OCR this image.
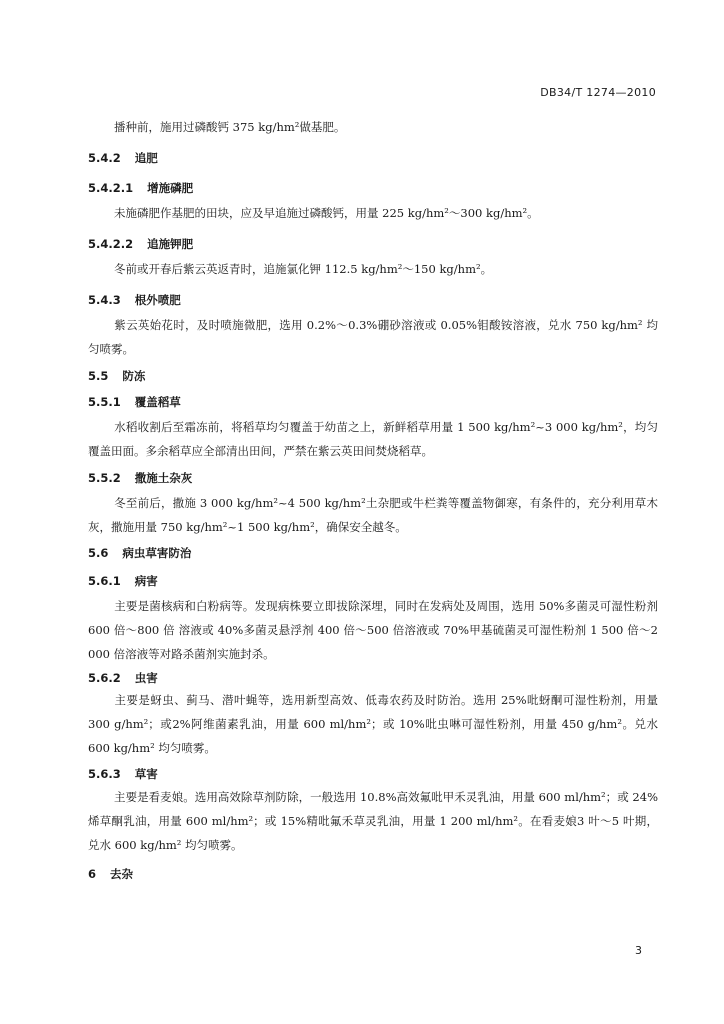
DB34/T 1274—2010
播种前，施用过磷酸钙 375 kg/hm²做基肥。
5.4.2 追肥
5.4.2.1 增施磷肥
未施磷肥作基肥的田块，应及早追施过磷酸钙，用量 225 kg/hm²～300 kg/hm²。
5.4.2.2 追施钾肥
冬前或开春后紫云英返青时，追施氯化钾 112.5 kg/hm²～150 kg/hm²。
5.4.3 根外喷肥
紫云英始花时，及时喷施微肥，选用 0.2%～0.3%硼砂溶液或 0.05%钼酸铵溶液，兑水 750 kg/hm² 均匀喷雾。
5.5 防冻
5.5.1 覆盖稻草
水稻收割后至霜冻前，将稻草均匀覆盖于幼苗之上，新鲜稻草用量 1 500 kg/hm²~3 000 kg/hm²，均匀覆盖田面。多余稻草应全部清出田间，严禁在紫云英田间焚烧稻草。
5.5.2 撒施土杂灰
冬至前后，撒施 3 000 kg/hm²~4 500 kg/hm²土杂肥或牛栏粪等覆盖物御寒，有条件的，充分利用草木灰，撒施用量 750 kg/hm²~1 500 kg/hm²，确保安全越冬。
5.6 病虫草害防治
5.6.1 病害
主要是菌核病和白粉病等。发现病株要立即拔除深埋，同时在发病处及周围，选用 50%多菌灵可湿性粉剂 600 倍～800 倍 溶液或 40%多菌灵悬浮剂 400 倍～500 倍溶液或 70%甲基硫菌灵可湿性粉剂 1 500 倍～2 000 倍溶液等对路杀菌剂实施封杀。
5.6.2 虫害
主要是蚜虫、蓟马、潜叶蝇等，选用新型高效、低毒农药及时防治。选用 25%吡蚜酮可湿性粉剂，用量 300 g/hm²；或2%阿维菌素乳油，用量 600 ml/hm²；或 10%吡虫啉可湿性粉剂，用量 450 g/hm²。兑水 600 kg/hm² 均匀喷雾。
5.6.3 草害
主要是看麦娘。选用高效除草剂防除，一般选用 10.8%高效氟吡甲禾灵乳油，用量 600 ml/hm²；或 24%烯草酮乳油，用量 600 ml/hm²；或 15%精吡氟禾草灵乳油，用量 1 200 ml/hm²。在看麦娘3 叶～5 叶期，兑水 600 kg/hm² 均匀喷雾。
6 去杂
3
